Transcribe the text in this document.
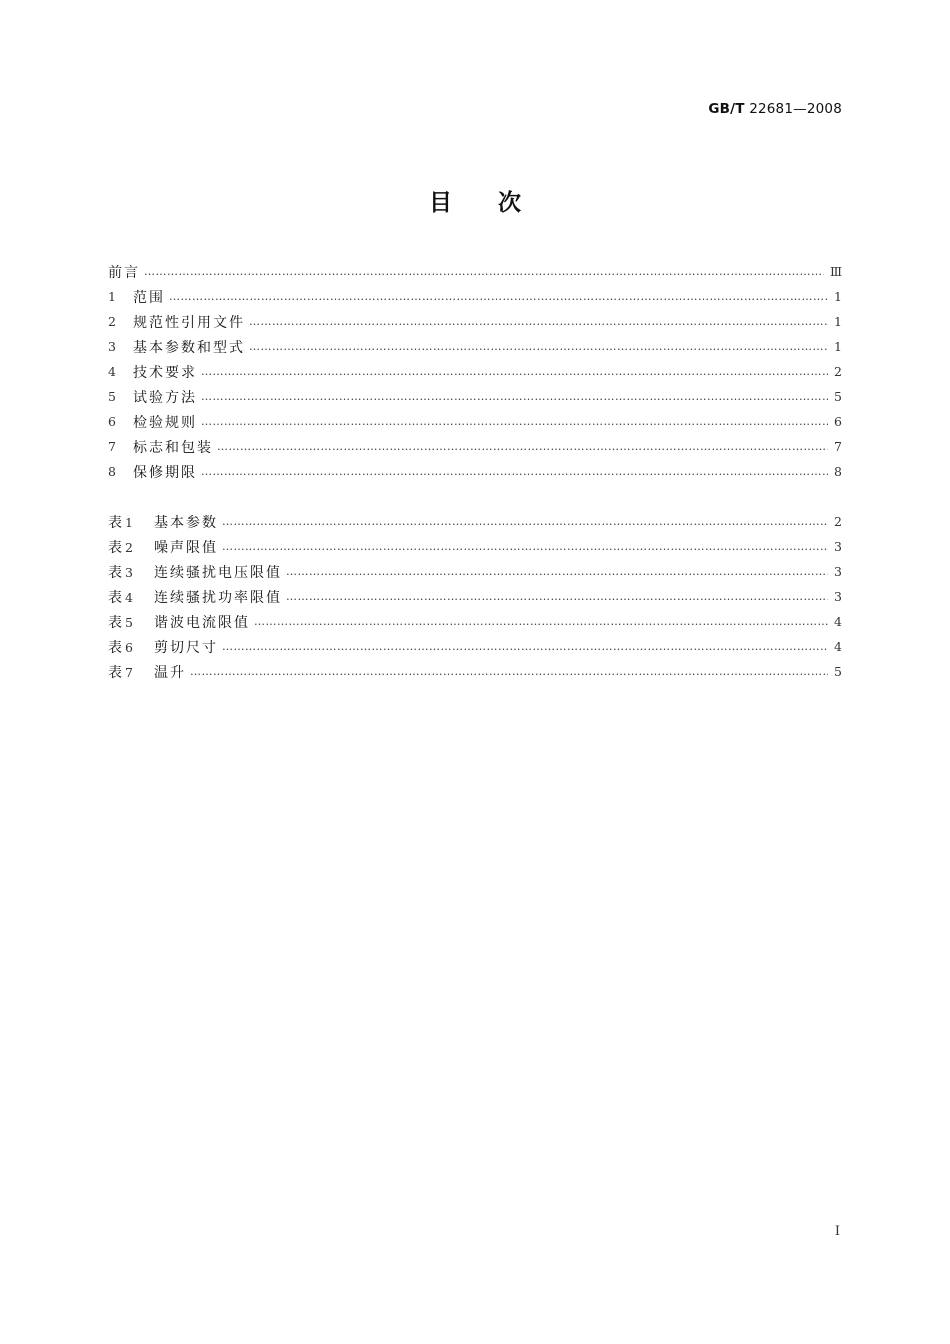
GB/T 22681—2008
目次
前言 …………………………………………………………………………………………………………………………………………………………………………………………	Ⅲ
1	范围 …………………………………………………………………………………………………………………………………………………………………………………………	1
2	规范性引用文件 …………………………………………………………………………………………………………………………………………………………………………………………	1
3	基本参数和型式 …………………………………………………………………………………………………………………………………………………………………………………………	1
4	技术要求 …………………………………………………………………………………………………………………………………………………………………………………………	2
5	试验方法 …………………………………………………………………………………………………………………………………………………………………………………………	5
6	检验规则 …………………………………………………………………………………………………………………………………………………………………………………………	6
7	标志和包装 …………………………………………………………………………………………………………………………………………………………………………………………	7
8	保修期限 …………………………………………………………………………………………………………………………………………………………………………………………	8
表 1	基本参数 …………………………………………………………………………………………………………………………………………………………………………………………	2
表 2	噪声限值 …………………………………………………………………………………………………………………………………………………………………………………………	3
表 3	连续骚扰电压限值 …………………………………………………………………………………………………………………………………………………………………………………………	3
表 4	连续骚扰功率限值 …………………………………………………………………………………………………………………………………………………………………………………………	3
表 5	谐波电流限值 …………………………………………………………………………………………………………………………………………………………………………………………	4
表 6	剪切尺寸 …………………………………………………………………………………………………………………………………………………………………………………………	4
表 7	温升 …………………………………………………………………………………………………………………………………………………………………………………………	5
I
